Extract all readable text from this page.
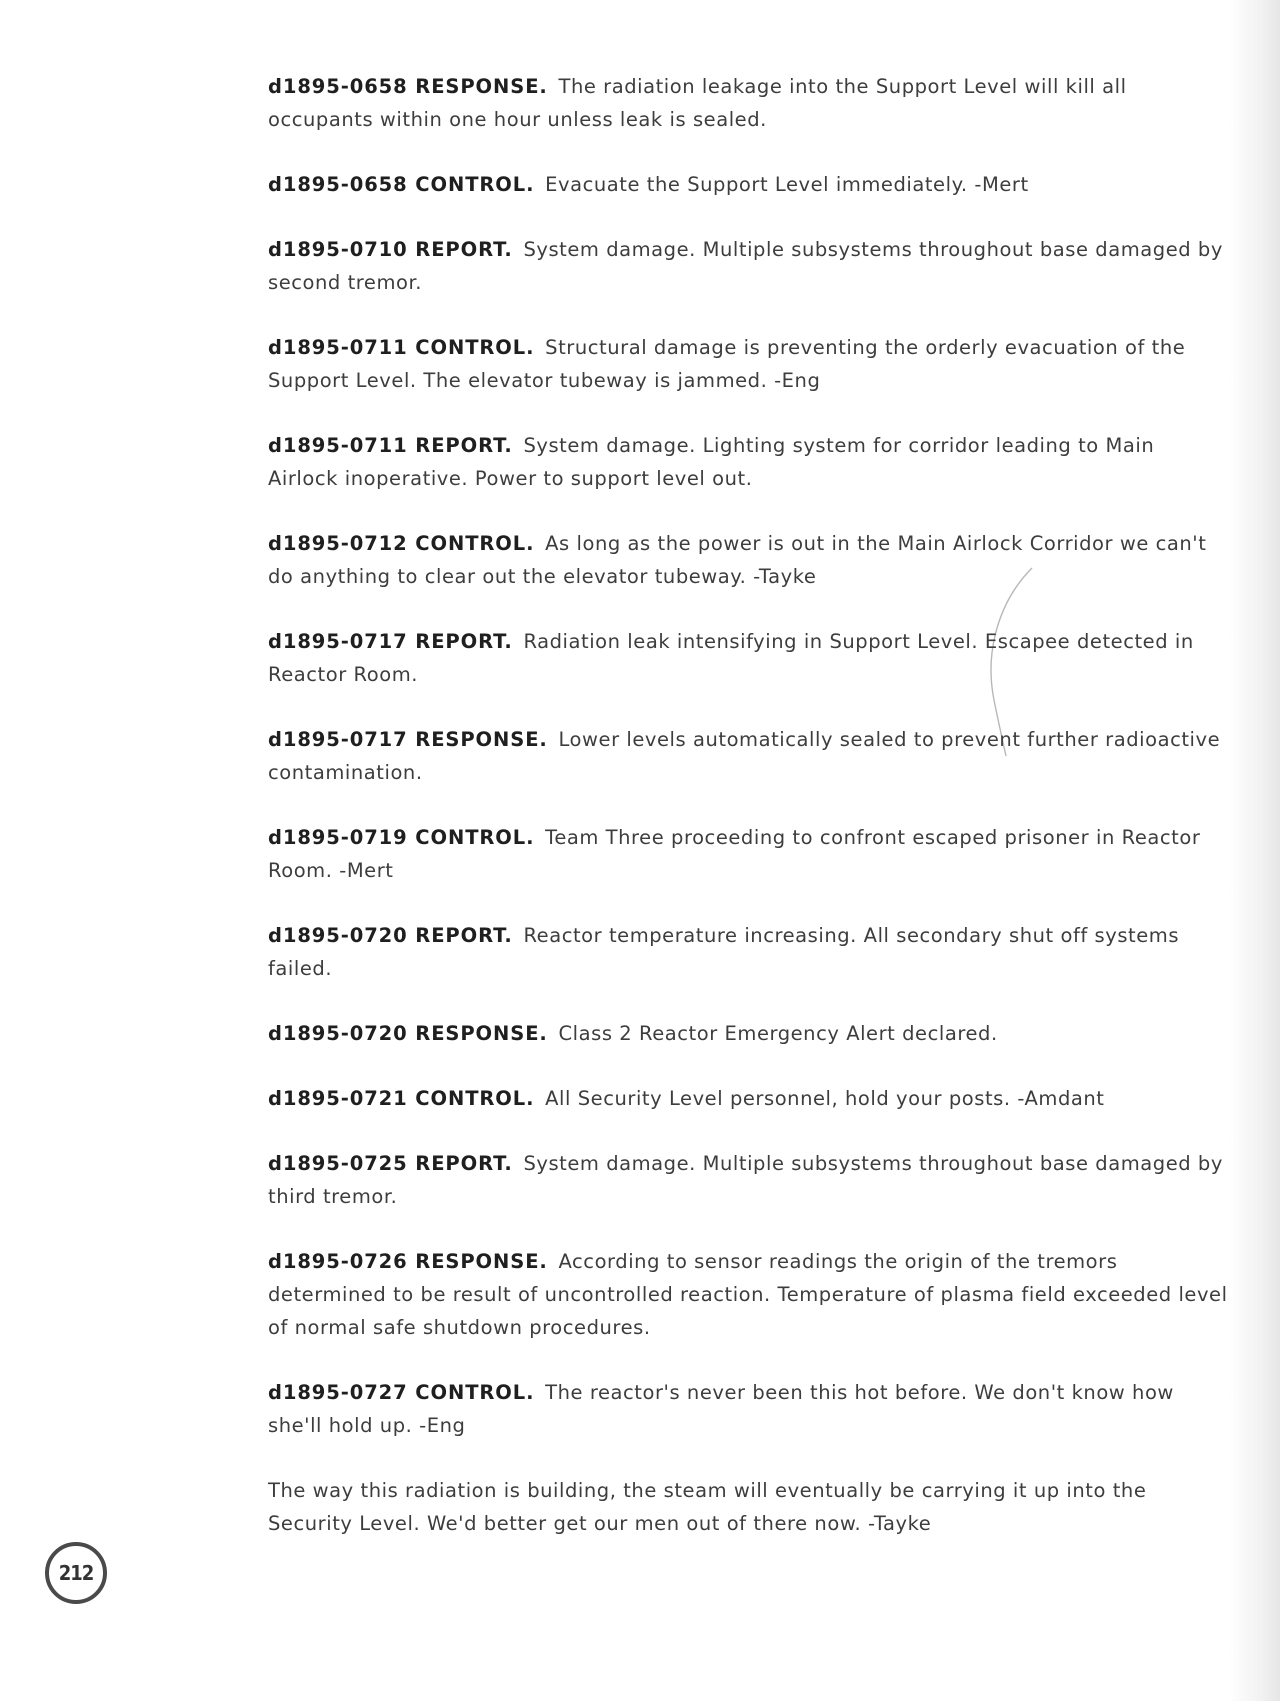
d1895-0658 RESPONSE. The radiation leakage into the Support Level will kill all occupants within one hour unless leak is sealed.

d1895-0658 CONTROL. Evacuate the Support Level immediately. -Mert

d1895-0710 REPORT. System damage. Multiple subsystems throughout base damaged by second tremor.

d1895-0711 CONTROL. Structural damage is preventing the orderly evacuation of the Support Level. The elevator tubeway is jammed. -Eng

d1895-0711 REPORT. System damage. Lighting system for corridor leading to Main Airlock inoperative. Power to support level out.

d1895-0712 CONTROL. As long as the power is out in the Main Airlock Corridor we can't do anything to clear out the elevator tubeway. -Tayke

d1895-0717 REPORT. Radiation leak intensifying in Support Level. Escapee detected in Reactor Room.

d1895-0717 RESPONSE. Lower levels automatically sealed to prevent further radioactive contamination.

d1895-0719 CONTROL. Team Three proceeding to confront escaped prisoner in Reactor Room. -Mert

d1895-0720 REPORT. Reactor temperature increasing. All secondary shut off systems failed.

d1895-0720 RESPONSE. Class 2 Reactor Emergency Alert declared.

d1895-0721 CONTROL. All Security Level personnel, hold your posts. -Amdant

d1895-0725 REPORT. System damage. Multiple subsystems throughout base damaged by third tremor.

d1895-0726 RESPONSE. According to sensor readings the origin of the tremors determined to be result of uncontrolled reaction. Temperature of plasma field exceeded level of normal safe shutdown procedures.

d1895-0727 CONTROL. The reactor's never been this hot before. We don't know how she'll hold up. -Eng

The way this radiation is building, the steam will eventually be carrying it up into the Security Level. We'd better get our men out of there now. -Tayke

212
